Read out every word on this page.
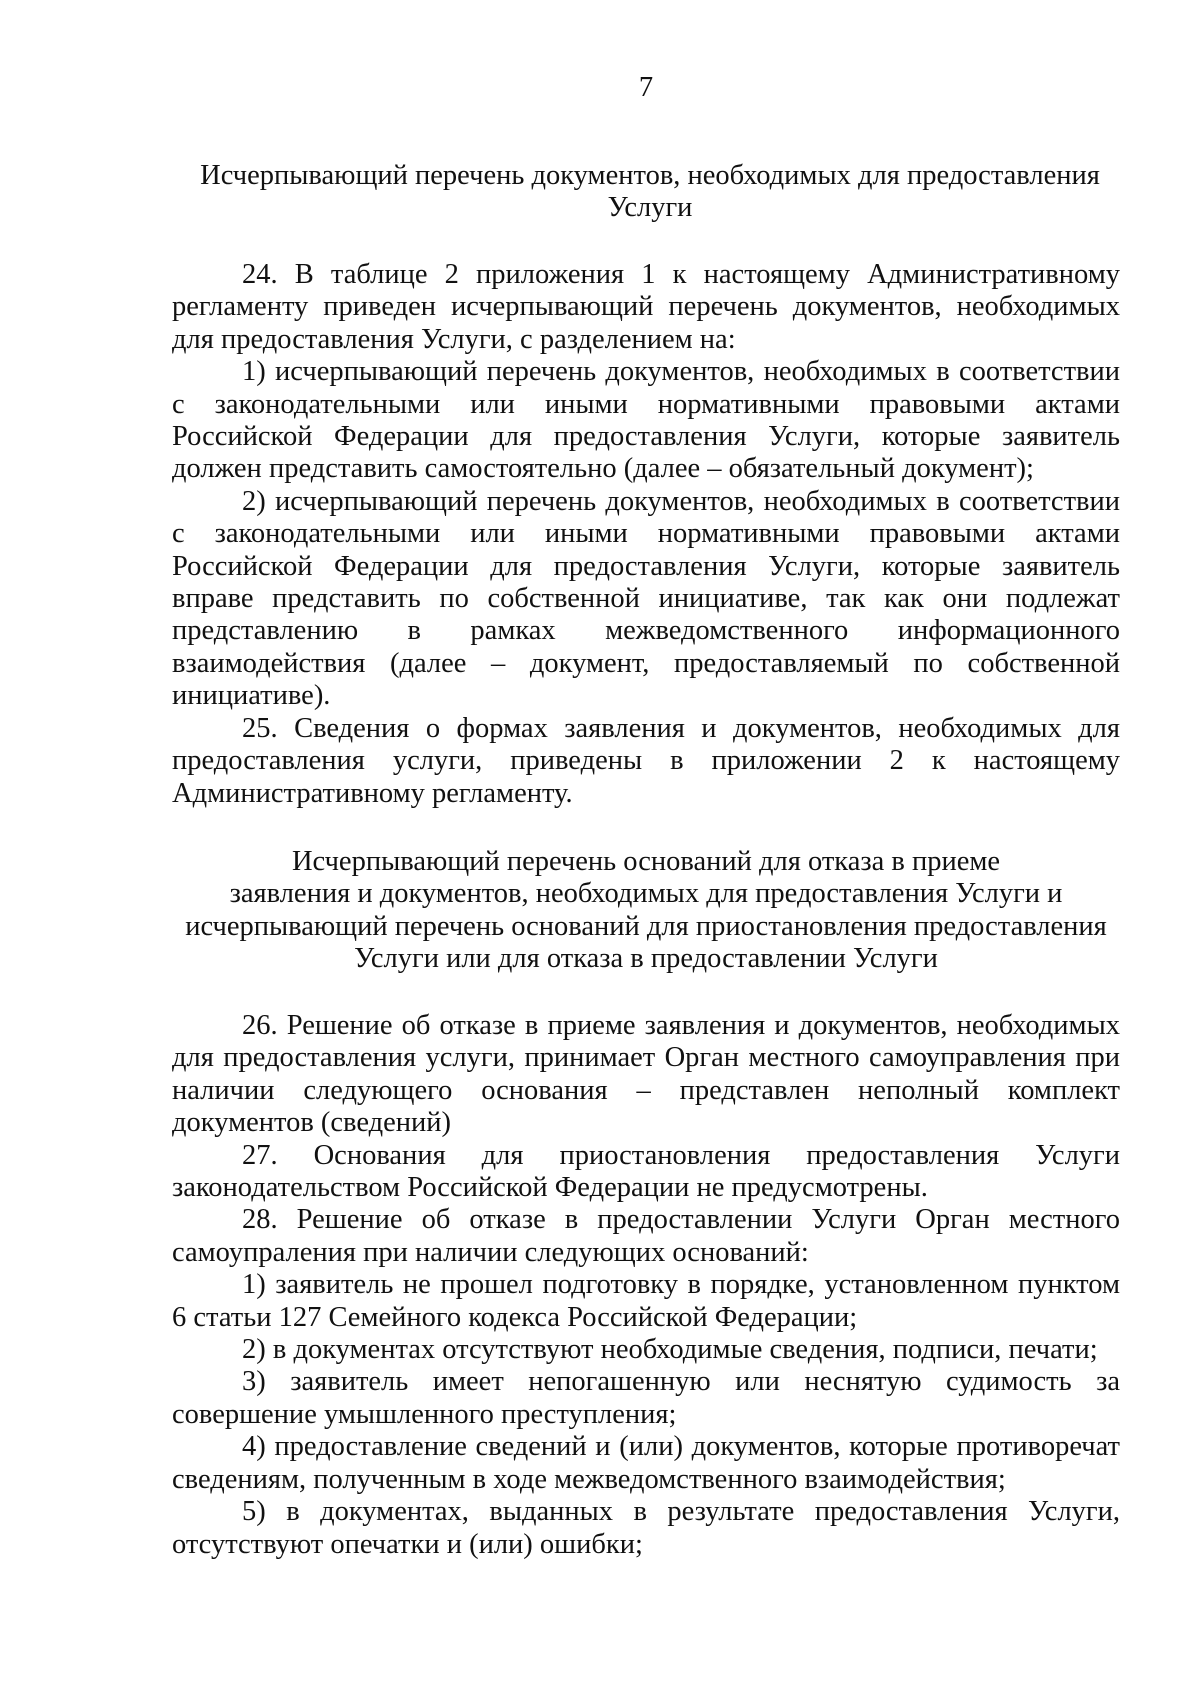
7
Исчерпывающий перечень документов, необходимых для предоставления Услуги

24. В таблице 2 приложения 1 к настоящему Административному регламенту приведен исчерпывающий перечень документов, необходимых для предоставления Услуги, с разделением на:

1) исчерпывающий перечень документов, необходимых в соответствии с законодательными или иными нормативными правовыми актами Российской Федерации для предоставления Услуги, которые заявитель должен представить самостоятельно (далее – обязательный документ);

2) исчерпывающий перечень документов, необходимых в соответствии с законодательными или иными нормативными правовыми актами Российской Федерации для предоставления Услуги, которые заявитель вправе представить по собственной инициативе, так как они подлежат представлению в рамках межведомственного информационного взаимодействия (далее – документ, предоставляемый по собственной инициативе).

25. Сведения о формах заявления и документов, необходимых для предоставления услуги, приведены в приложении 2 к настоящему Административному регламенту.

Исчерпывающий перечень оснований для отказа в приеме
заявления и документов, необходимых для предоставления Услуги и
исчерпывающий перечень оснований для приостановления предоставления
Услуги или для отказа в предоставлении Услуги

26. Решение об отказе в приеме заявления и документов, необходимых для предоставления услуги, принимает Орган местного самоуправления при наличии следующего основания – представлен неполный комплект документов (сведений)

27. Основания для приостановления предоставления Услуги законодательством Российской Федерации не предусмотрены.

28. Решение об отказе в предоставлении Услуги Орган местного самоупраления при наличии следующих оснований:

1) заявитель не прошел подготовку в порядке, установленном пунктом 6 статьи 127 Семейного кодекса Российской Федерации;

2) в документах отсутствуют необходимые сведения, подписи, печати;

3) заявитель имеет непогашенную или неснятую судимость за совершение умышленного преступления;

4) предоставление сведений и (или) документов, которые противоречат сведениям, полученным в ходе межведомственного взаимодействия;

5) в документах, выданных в результате предоставления Услуги, отсутствуют опечатки и (или) ошибки;
